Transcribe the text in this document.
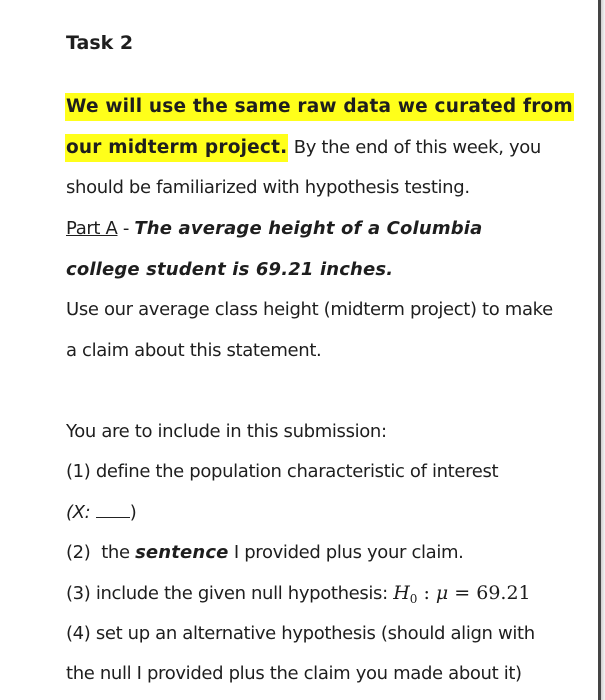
Task 2
We will use the same raw data we curated from
our midterm project. By the end of this week, you
should be familiarized with hypothesis testing.
Part A - The average height of a Columbia
college student is 69.21 inches.
Use our average class height (midterm project) to make
a claim about this statement.
You are to include in this submission:
(1) define the population characteristic of interest
(X: )
(2)  the sentence I provided plus your claim.
(3) include the given null hypothesis: $H_0$ : μ = 69.21
(4) set up an alternative hypothesis (should align with
the null I provided plus the claim you made about it)
